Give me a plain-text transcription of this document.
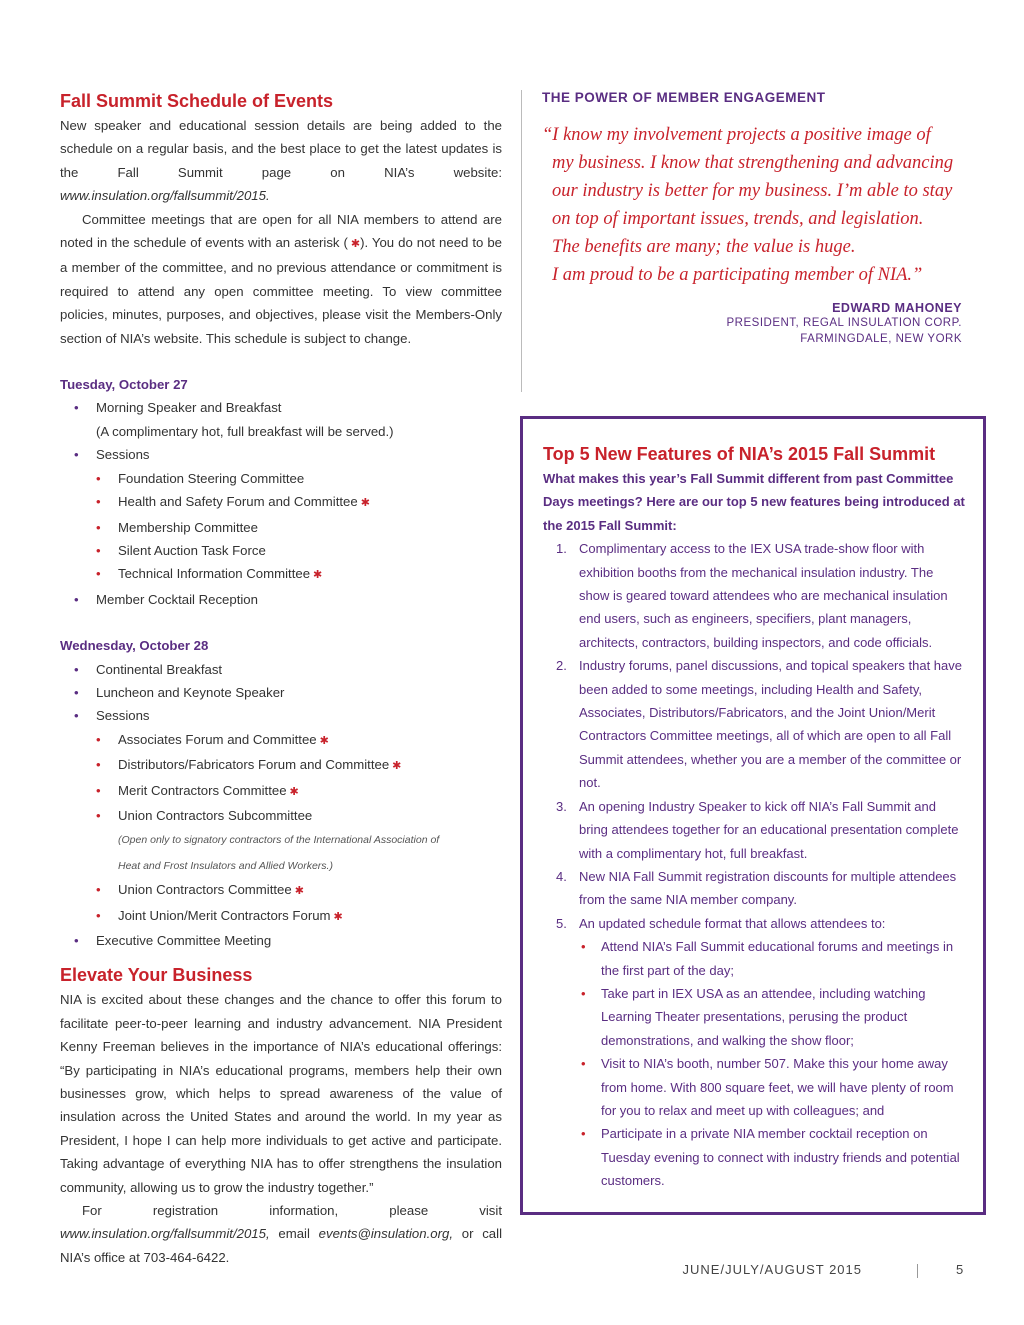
Fall Summit Schedule of Events

New speaker and educational session details are being added to the schedule on a regular basis, and the best place to get the latest updates is the Fall Summit page on NIA’s website: www.insulation.org/fallsummit/2015.

Committee meetings that are open for all NIA members to attend are noted in the schedule of events with an asterisk ( ✱). You do not need to be a member of the committee, and no previous attendance or commitment is required to attend any open committee meeting. To view committee policies, minutes, purposes, and objectives, please visit the Members-Only section of NIA’s website. This schedule is subject to change.

Tuesday, October 27
• Morning Speaker and Breakfast
(A complimentary hot, full breakfast will be served.)
• Sessions
• Foundation Steering Committee
• Health and Safety Forum and Committee ✱
• Membership Committee
• Silent Auction Task Force
• Technical Information Committee ✱
• Member Cocktail Reception
Wednesday, October 28
• Continental Breakfast
• Luncheon and Keynote Speaker
• Sessions
• Associates Forum and Committee ✱
• Distributors/Fabricators Forum and Committee ✱
• Merit Contractors Committee ✱
• Union Contractors Subcommittee
(Open only to signatory contractors of the International Association of
Heat and Frost Insulators and Allied Workers.)
• Union Contractors Committee ✱
• Joint Union/Merit Contractors Forum ✱
• Executive Committee Meeting
Elevate Your Business

NIA is excited about these changes and the chance to offer this forum to facilitate peer-to-peer learning and industry advancement. NIA President Kenny Freeman believes in the importance of NIA’s educational offerings: “By participating in NIA’s educational programs, members help their own businesses grow, which helps to spread awareness of the value of insulation across the United States and around the world. In my year as President, I hope I can help more individuals to get active and participate. Taking advantage of everything NIA has to offer strengthens the insulation community, allowing us to grow the industry together.”

For registration information, please visit www.insulation.org/fallsummit/2015, email events@insulation.org, or call NIA’s office at 703-464-6422.

THE POWER OF MEMBER ENGAGEMENT
“I know my involvement projects a positive image of
my business. I know that strengthening and advancing
our industry is better for my business. I’m able to stay
on top of important issues, trends, and legislation.
The benefits are many; the value is huge.
I am proud to be a participating member of NIA.”
EDWARD MAHONEY
PRESIDENT, REGAL INSULATION CORP.
FARMINGDALE, NEW YORK
Top 5 New Features of NIA’s 2015 Fall Summit
What makes this year’s Fall Summit different from past Committee Days meetings? Here are our top 5 new features being introduced at the 2015 Fall Summit:
1. Complimentary access to the IEX USA trade-show floor with exhibition booths from the mechanical insulation industry. The show is geared toward attendees who are mechanical insulation end users, such as engineers, specifiers, plant managers, architects, contractors, building inspectors, and code officials.
2. Industry forums, panel discussions, and topical speakers that have been added to some meetings, including Health and Safety, Associates, Distributors/Fabricators, and the Joint Union/Merit Contractors Committee meetings, all of which are open to all Fall Summit attendees, whether you are a member of the committee or not.
3. An opening Industry Speaker to kick off NIA’s Fall Summit and bring attendees together for an educational presentation complete with a complimentary hot, full breakfast.
4. New NIA Fall Summit registration discounts for multiple attendees from the same NIA member company.
5. An updated schedule format that allows attendees to:
• Attend NIA’s Fall Summit educational forums and meetings in the first part of the day;
• Take part in IEX USA as an attendee, including watching Learning Theater presentations, perusing the product demonstrations, and walking the show floor;
• Visit to NIA’s booth, number 507. Make this your home away from home. With 800 square feet, we will have plenty of room for you to relax and meet up with colleagues; and
• Participate in a private NIA member cocktail reception on Tuesday evening to connect with industry friends and potential customers.
JUNE/JULY/AUGUST 2015	5
